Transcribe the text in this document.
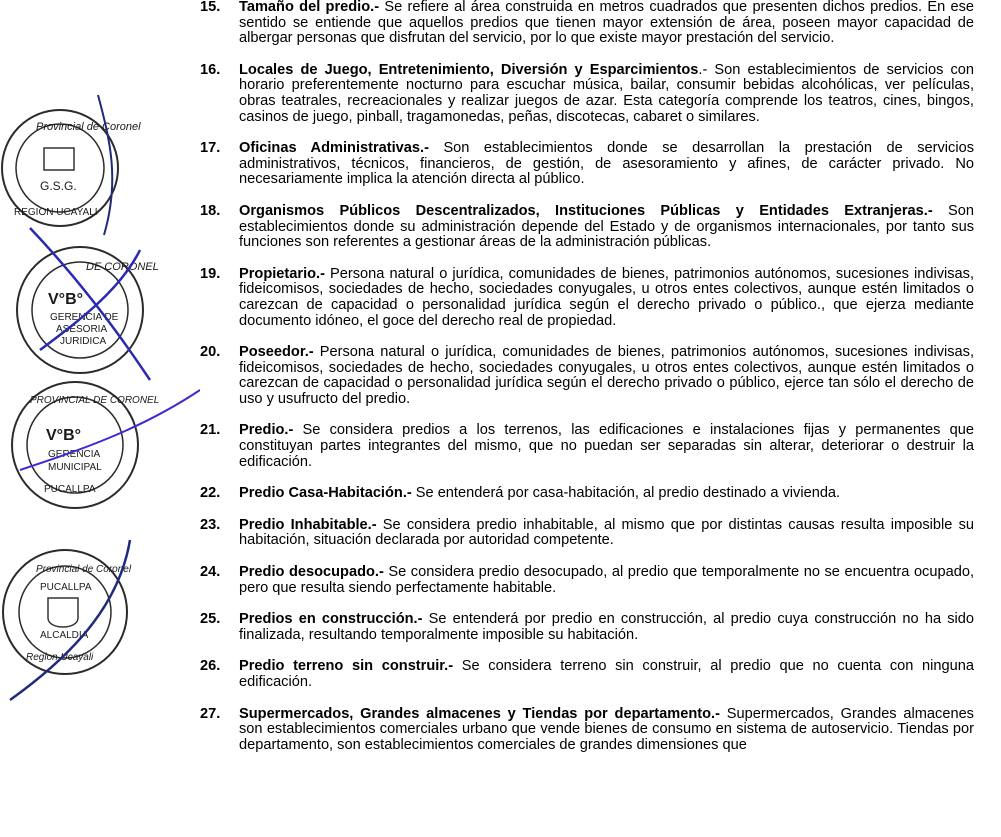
Provincial de Coronel
G.S.G.
REGION UCAYALI
DE CORONEL
V°B°
GERENCIA DE
ASESORIA
JURIDICA
PROVINCIAL DE CORONEL
V°B°
GERENCIA
MUNICIPAL
PUCALLPA
Provincial de Coronel
PUCALLPA
ALCALDIA
Region Ucayali
15.	Tamaño del predio.- Se refiere al área construida en metros cuadrados que presenten dichos predios. En ese sentido se entiende que aquellos predios que tienen mayor extensión de área, poseen mayor capacidad de albergar personas que disfrutan del servicio, por lo que existe mayor prestación del servicio.
16.	Locales de Juego, Entretenimiento, Diversión y Esparcimientos.- Son establecimientos de servicios con horario preferentemente nocturno para escuchar música, bailar, consumir bebidas alcohólicas, ver películas, obras teatrales, recreacionales y realizar juegos de azar. Esta categoría comprende los teatros, cines, bingos, casinos de juego, pinball, tragamonedas, peñas, discotecas, cabaret o similares.
17.	Oficinas Administrativas.- Son establecimientos donde se desarrollan la prestación de servicios administrativos, técnicos, financieros, de gestión, de asesoramiento y afines, de carácter privado. No necesariamente implica la atención directa al público.
18.	Organismos Públicos Descentralizados, Instituciones Públicas y Entidades Extranjeras.- Son establecimientos donde su administración depende del Estado y de organismos internacionales, por tanto sus funciones son referentes a gestionar áreas de la administración públicas.
19.	Propietario.- Persona natural o jurídica, comunidades de bienes, patrimonios autónomos, sucesiones indivisas, fideicomisos, sociedades de hecho, sociedades conyugales, u otros entes colectivos, aunque estén limitados o carezcan de capacidad o personalidad jurídica según el derecho privado o público., que ejerza mediante documento idóneo, el goce del derecho real de propiedad.
20.	Poseedor.- Persona natural o jurídica, comunidades de bienes, patrimonios autónomos, sucesiones indivisas, fideicomisos, sociedades de hecho, sociedades conyugales, u otros entes colectivos, aunque estén limitados o carezcan de capacidad o personalidad jurídica según el derecho privado o público, ejerce tan sólo el derecho de uso y usufructo del predio.
21.	Predio.- Se considera predios a los terrenos, las edificaciones e instalaciones fijas y permanentes que constituyan partes integrantes del mismo, que no puedan ser separadas sin alterar, deteriorar o destruir la edificación.
22.	Predio Casa-Habitación.- Se entenderá por casa-habitación, al predio destinado a vivienda.
23.	Predio Inhabitable.- Se considera predio inhabitable, al mismo que por distintas causas resulta imposible su habitación, situación declarada por autoridad competente.
24.	Predio desocupado.- Se considera predio desocupado, al predio que temporalmente no se encuentra ocupado, pero que resulta siendo perfectamente habitable.
25.	Predios en construcción.- Se entenderá por predio en construcción, al predio cuya construcción no ha sido finalizada, resultando temporalmente imposible su habitación.
26.	Predio terreno sin construir.- Se considera terreno sin construir, al predio que no cuenta con ninguna edificación.
27.	Supermercados, Grandes almacenes y Tiendas por departamento.- Supermercados, Grandes almacenes son establecimientos comerciales urbano que vende bienes de consumo en sistema de autoservicio. Tiendas por departamento, son establecimientos comerciales de grandes dimensiones que
